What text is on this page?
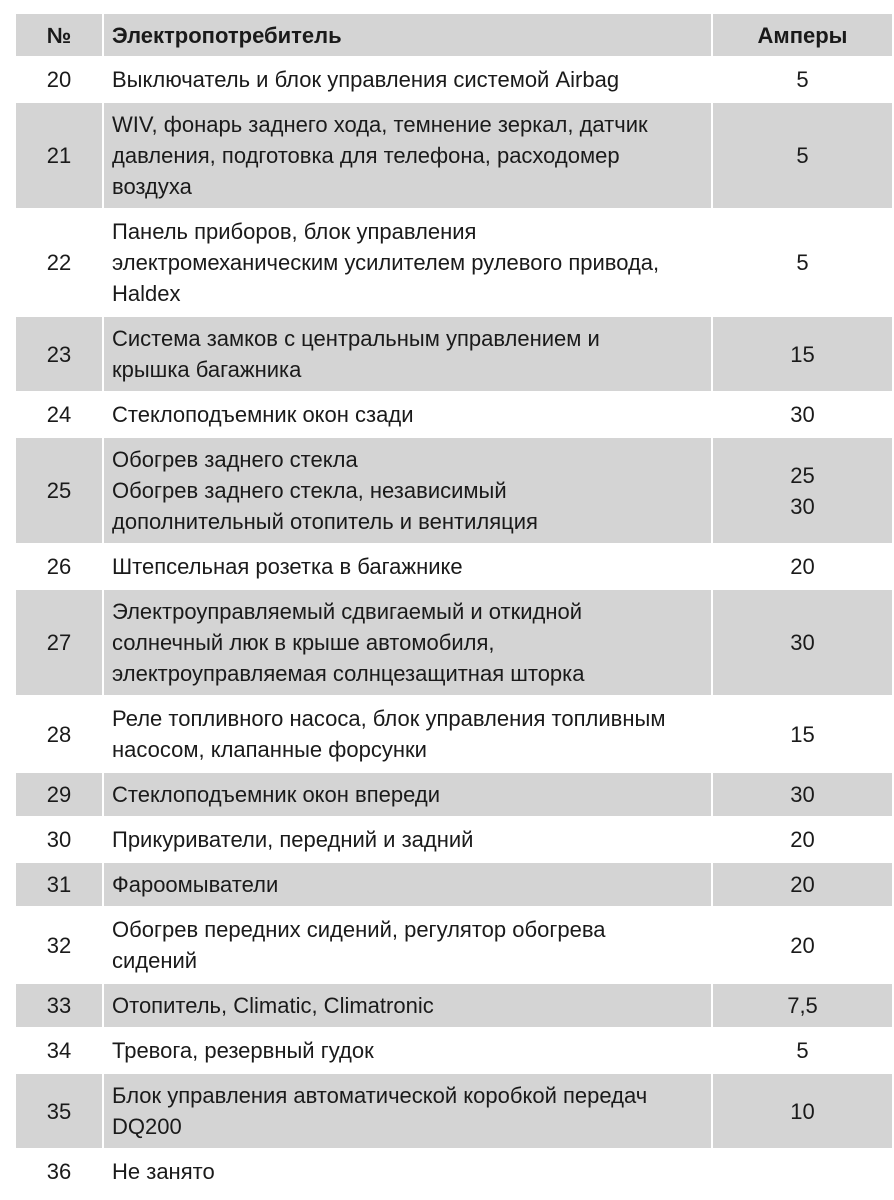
№	Электропотребитель	Амперы
20	Выключатель и блок управления системой Airbag	5

21	WIV, фонарь заднего хода, темнение зеркал, датчик
давления, подготовка для телефона, расходомер
воздуха	5

22	Панель приборов, блок управления
электромеханическим усилителем рулевого привода,
Haldex	5

23	Система замков с центральным управлением и
крышка багажника	15

24	Стеклоподъемник окон сзади	30

25	Обогрев заднего стекла
Обогрев заднего стекла, независимый
дополнительный отопитель и вентиляция	25
30

26	Штепсельная розетка в багажнике	20

27	Электроуправляемый сдвигаемый и откидной
солнечный люк в крыше автомобиля,
электроуправляемая солнцезащитная шторка	30

28	Реле топливного насоса, блок управления топливным
насосом, клапанные форсунки	15

29	Стеклоподъемник окон впереди	30

30	Прикуриватели, передний и задний	20

31	Фароомыватели	20

32	Обогрев передних сидений, регулятор обогрева
сидений	20

33	Отопитель, Climatic, Climatronic	7,5

34	Тревога, резервный гудок	5

35	Блок управления автоматической коробкой передач
DQ200	10

36	Не занято	
